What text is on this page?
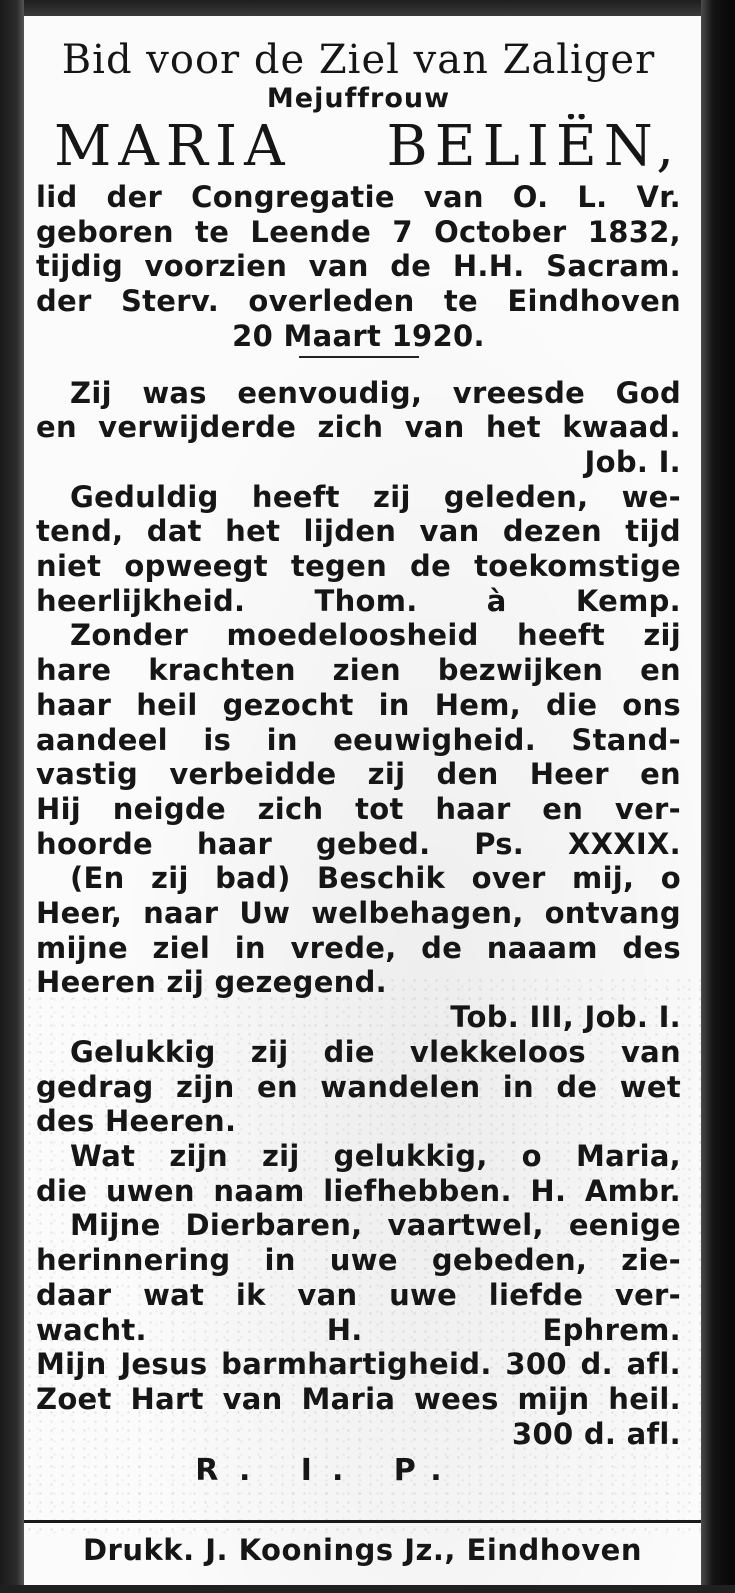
Bid voor de Ziel van Zaliger
Mejuffrouw
MARIA BELIËN,
lid der Congregatie van O. L. Vr.
geboren te Leende 7 October 1832,
tijdig voorzien van de H.H. Sacram.
der Sterv. overleden te Eindhoven
20 Maart 1920.
Zij was eenvoudig, vreesde God
en verwijderde zich van het kwaad.
Job. I.
Geduldig heeft zij geleden, we-
tend, dat het lijden van dezen tijd
niet opweegt tegen de toekomstige
heerlijkheid. Thom. à Kemp.
Zonder moedeloosheid heeft zij
hare krachten zien bezwijken en
haar heil gezocht in Hem, die ons
aandeel is in eeuwigheid. Stand-
vastig verbeidde zij den Heer en
Hij neigde zich tot haar en ver-
hoorde haar gebed. Ps. XXXIX.
(En zij bad) Beschik over mij, o
Heer, naar Uw welbehagen, ontvang
mijne ziel in vrede, de naaam des
Heeren zij gezegend.
Tob. III, Job. I.
Gelukkig zij die vlekkeloos van
gedrag zijn en wandelen in de wet
des Heeren.
Wat zijn zij gelukkig, o Maria,
die uwen naam liefhebben. H. Ambr.
Mijne Dierbaren, vaartwel, eenige
herinnering in uwe gebeden, zie-
daar wat ik van uwe liefde ver-
wacht. H. Ephrem.
Mijn Jesus barmhartigheid. 300 d. afl.
Zoet Hart van Maria wees mijn heil.
300 d. afl.
R. I. P.
Drukk. J. Koonings Jz., Eindhoven
